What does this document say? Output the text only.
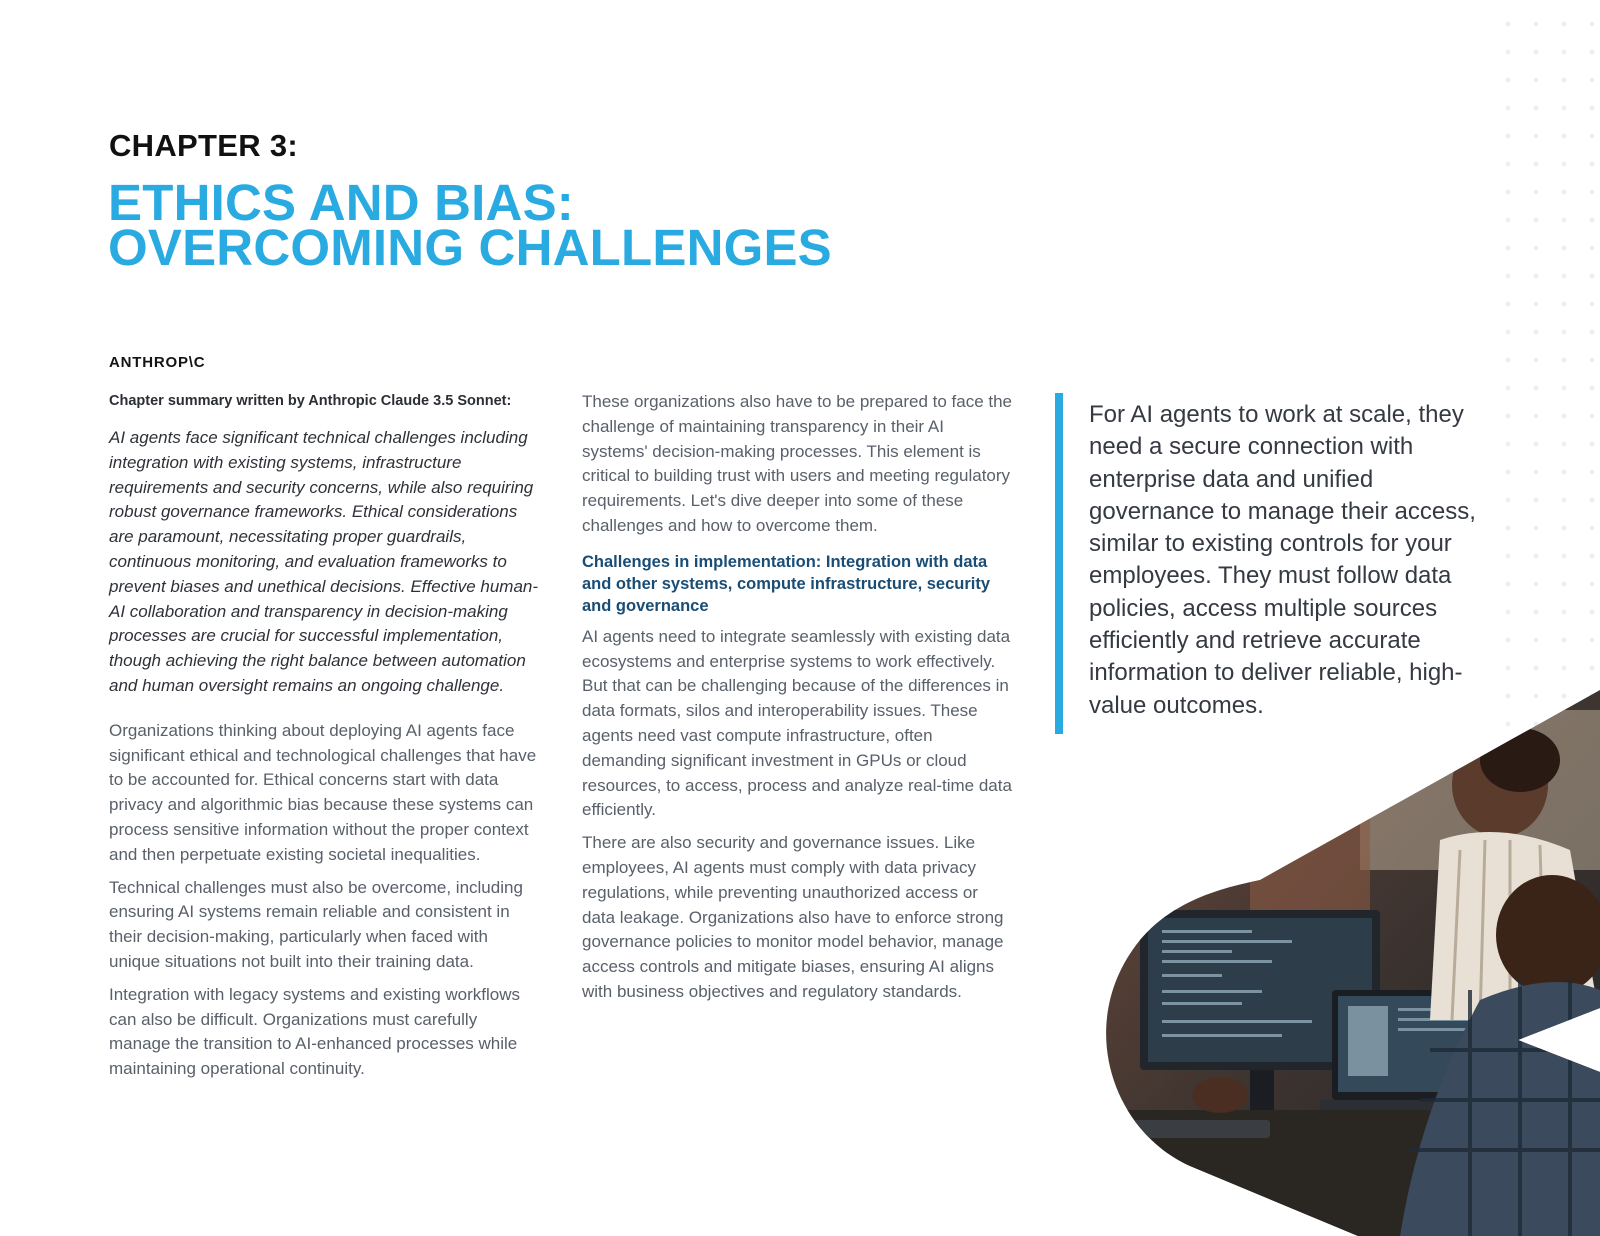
CHAPTER 3:
ETHICS AND BIAS:
OVERCOMING CHALLENGES
ANTHROP\C

Chapter summary written by Anthropic Claude 3.5 Sonnet:

AI agents face significant technical challenges including integration with existing systems, infrastructure requirements and security concerns, while also requiring robust governance frameworks. Ethical considerations are paramount, necessitating proper guardrails, continuous monitoring, and evaluation frameworks to prevent biases and unethical decisions. Effective human-AI collaboration and transparency in decision-making processes are crucial for successful implementation, though achieving the right balance between automation and human oversight remains an ongoing challenge.

Organizations thinking about deploying AI agents face significant ethical and technological challenges that have to be accounted for. Ethical concerns start with data privacy and algorithmic bias because these systems can process sensitive information without the proper context and then perpetuate existing societal inequalities.

Technical challenges must also be overcome, including ensuring AI systems remain reliable and consistent in their decision-making, particularly when faced with unique situations not built into their training data.

Integration with legacy systems and existing workflows can also be difficult. Organizations must carefully manage the transition to AI-enhanced processes while maintaining operational continuity.

These organizations also have to be prepared to face the challenge of maintaining transparency in their AI systems' decision-making processes. This element is critical to building trust with users and meeting regulatory requirements. Let's dive deeper into some of these challenges and how to overcome them.

Challenges in implementation: Integration with data and other systems, compute infrastructure, security and governance

AI agents need to integrate seamlessly with existing data ecosystems and enterprise systems to work effectively. But that can be challenging because of the differences in data formats, silos and interoperability issues. These agents need vast compute infrastructure, often demanding significant investment in GPUs or cloud resources, to access, process and analyze real-time data efficiently.

There are also security and governance issues. Like employees, AI agents must comply with data privacy regulations, while preventing unauthorized access or data leakage. Organizations also have to enforce strong governance policies to monitor model behavior, manage access controls and mitigate biases, ensuring AI aligns with business objectives and regulatory standards.

For AI agents to work at scale, they need a secure connection with enterprise data and unified governance to manage their access, similar to existing controls for your employees. They must follow data policies, access multiple sources efficiently and retrieve accurate information to deliver reliable, high-value outcomes.
